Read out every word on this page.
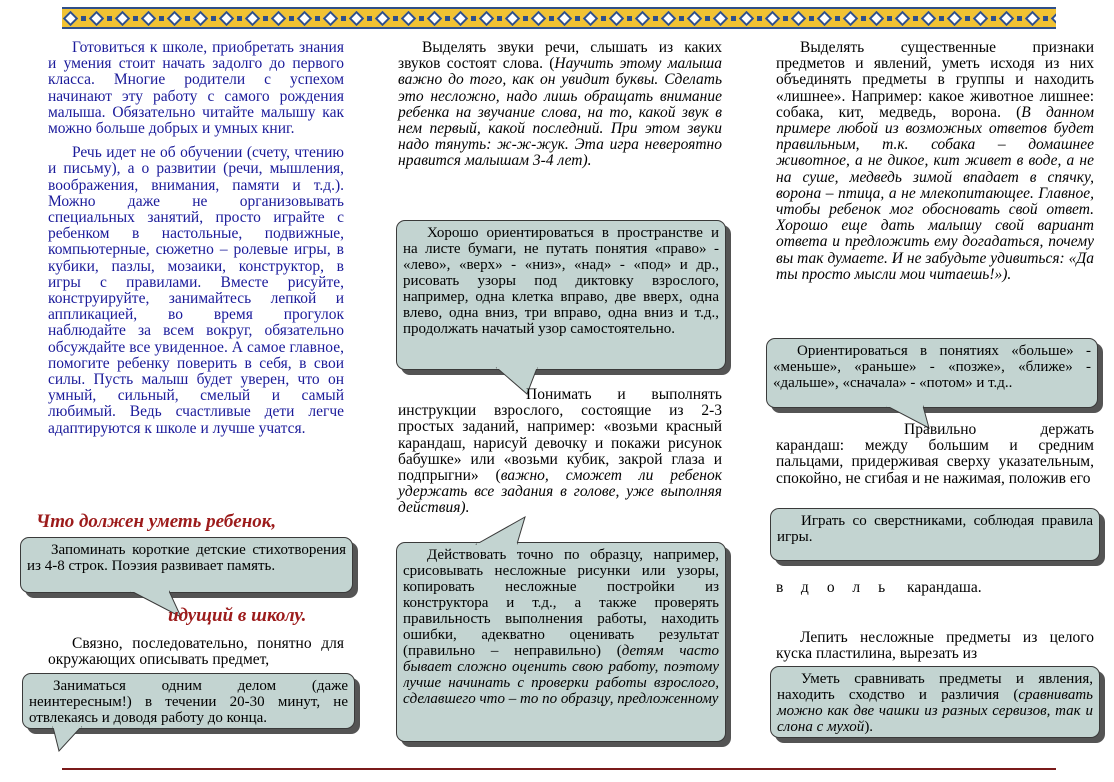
Готовиться к школе, приобретать знания и умения стоит начать задолго до первого класса. Многие родители с успехом начинают эту работу с самого рождения малыша. Обязательно читайте малышу как можно больше добрых и умных книг.

Речь идет не об обучении (счету, чтению и письму), а о развитии (речи, мышления, воображения, внимания, памяти и т.д.). Можно даже не организовывать специальных занятий, просто играйте с ребенком в настольные, подвижные, компьютерные, сюжетно – ролевые игры, в кубики, пазлы, мозаики, конструктор, в игры с правилами. Вместе рисуйте, конструируйте, занимайтесь лепкой и аппликацией, во время прогулок наблюдайте за всем вокруг, обязательно обсуждайте все увиденное. А самое главное, помогите ребенку поверить в себя, в свои силы. Пусть малыш будет уверен, что он умный, сильный, смелый и самый любимый. Ведь счастливые дети легче адаптируются к школе и лучше учатся.

Что должен уметь ребенок,

Запоминать короткие детские стихотворения из 4-8 строк. Поэзия развивает память.

идущий в школу.

Связно, последовательно, понятно для окружающих описывать предмет,

Заниматься одним делом (даже неинтересным!) в течении 20-30 минут, не отвлекаясь и доводя работу до конца.

Выделять звуки речи, слышать из каких звуков состоят слова. (Научить этому малыша важно до того, как он увидит буквы. Сделать это несложно, надо лишь обращать внимание ребенка на звучание слова, на то, какой звук в нем первый, какой последний. При этом звуки надо тянуть: ж-ж-жук. Эта игра невероятно нравится малышам 3-4 лет).

Хорошо ориентироваться в пространстве и на листе бумаги, не путать понятия «право» - «лево», «верх» - «низ», «над» - «под» и др., рисовать узоры под диктовку взрослого, например, одна клетка вправо, две вверх, одна влево, одна вниз, три вправо, одна вниз и т.д., продолжать начатый узор самостоятельно.

Понимать и выполнять инструкции взрослого, состоящие из 2-3 простых заданий, например: «возьми красный карандаш, нарисуй девочку и покажи рисунок бабушке» или «возьми кубик, закрой глаза и подпрыгни» (важно, сможет ли ребенок удержать все задания в голове, уже выполняя действия).

Действовать точно по образцу, например, срисовывать несложные рисунки или узоры, копировать несложные постройки из конструктора и т.д., а также проверять правильность выполнения работы, находить ошибки, адекватно оценивать результат (правильно – неправильно) (детям часто бывает сложно оценить свою работу, поэтому лучше начинать с проверки работы взрослого, сделавшего что – то по образцу, предложенному

Выделять существенные признаки предметов и явлений, уметь исходя из них объединять предметы в группы и находить «лишнее». Например: какое животное лишнее: собака, кит, медведь, ворона. (В данном примере любой из возможных ответов будет правильным, т.к. собака – домашнее животное, а не дикое, кит живет в воде, а не на суше, медведь зимой впадает в спячку, ворона – птица, а не млекопитающее. Главное, чтобы ребенок мог обосновать свой ответ. Хорошо еще дать малышу свой вариант ответа и предложить ему догадаться, почему вы так думаете. И не забудьте удивиться: «Да ты просто мысли мои читаешь!»).

Ориентироваться в понятиях «больше» - «меньше», «раньше» - «позже», «ближе» - «дальше», «сначала» - «потом» и т.д..

Правильно держать карандаш: между большим и средним пальцами, придерживая сверху указательным, спокойно, не сгибая и не нажимая, положив его

Играть со сверстниками, соблюдая правила игры.

вдоль карандаша.

Лепить несложные предметы из целого куска пластилина, вырезать из

Уметь сравнивать предметы и явления, находить сходство и различия (сравнивать можно как две чашки из разных сервизов, так и слона с мухой).
